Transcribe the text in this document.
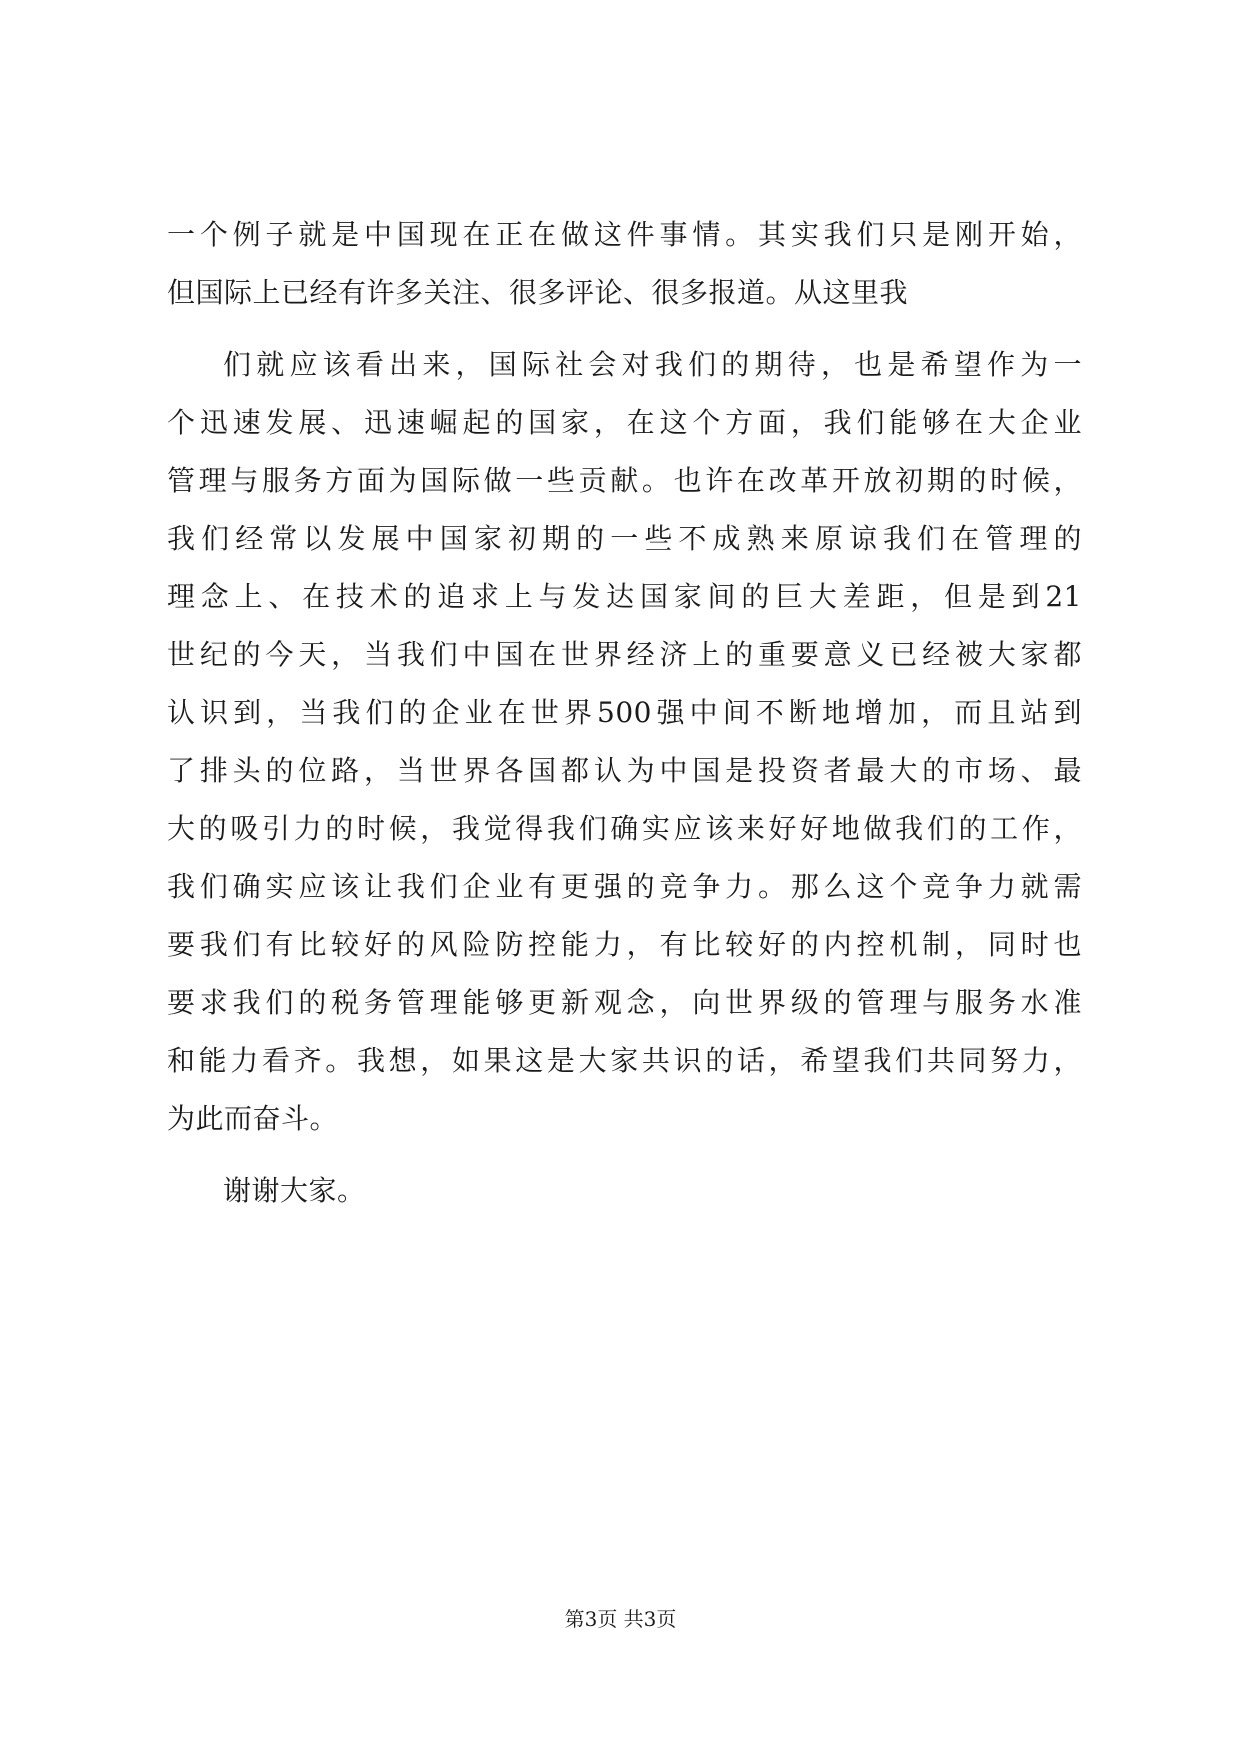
一个例子就是中国现在正在做这件事情。其实我们只是刚开始，
但国际上已经有许多关注、很多评论、很多报道。从这里我
们就应该看出来，国际社会对我们的期待，也是希望作为一
个迅速发展、迅速崛起的国家，在这个方面，我们能够在大企业
管理与服务方面为国际做一些贡献。也许在改革开放初期的时候，
我们经常以发展中国家初期的一些不成熟来原谅我们在管理的
理念上、在技术的追求上与发达国家间的巨大差距，但是到21
世纪的今天，当我们中国在世界经济上的重要意义已经被大家都
认识到，当我们的企业在世界500强中间不断地增加，而且站到
了排头的位路，当世界各国都认为中国是投资者最大的市场、最
大的吸引力的时候，我觉得我们确实应该来好好地做我们的工作，
我们确实应该让我们企业有更强的竞争力。那么这个竞争力就需
要我们有比较好的风险防控能力，有比较好的内控机制，同时也
要求我们的税务管理能够更新观念，向世界级的管理与服务水准
和能力看齐。我想，如果这是大家共识的话，希望我们共同努力，
为此而奋斗。
谢谢大家。
第3页 共3页
